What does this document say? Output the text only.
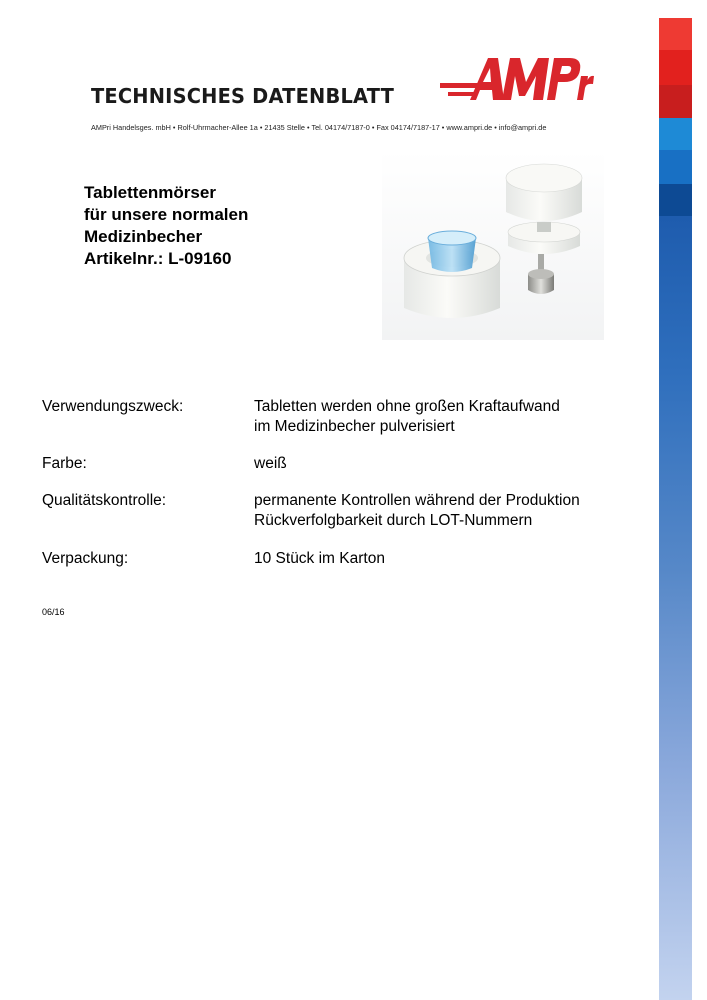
TECHNISCHES DATENBLATT
AMPri Handelsges. mbH • Rolf-Uhrmacher-Allee 1a • 21435 Stelle • Tel. 04174/7187-0 • Fax 04174/7187-17 • www.ampri.de • info@ampri.de
Tablettenmörser
für unsere normalen
Medizinbecher
Artikelnr.: L-09160
Verwendungszweck:	Tabletten werden ohne großen Kraftaufwand
im Medizinbecher pulverisiert
Farbe:	weiß
Qualitätskontrolle:	permanente Kontrollen während der Produktion
Rückverfolgbarkeit durch LOT-Nummern
Verpackung:	10 Stück im Karton
06/16
